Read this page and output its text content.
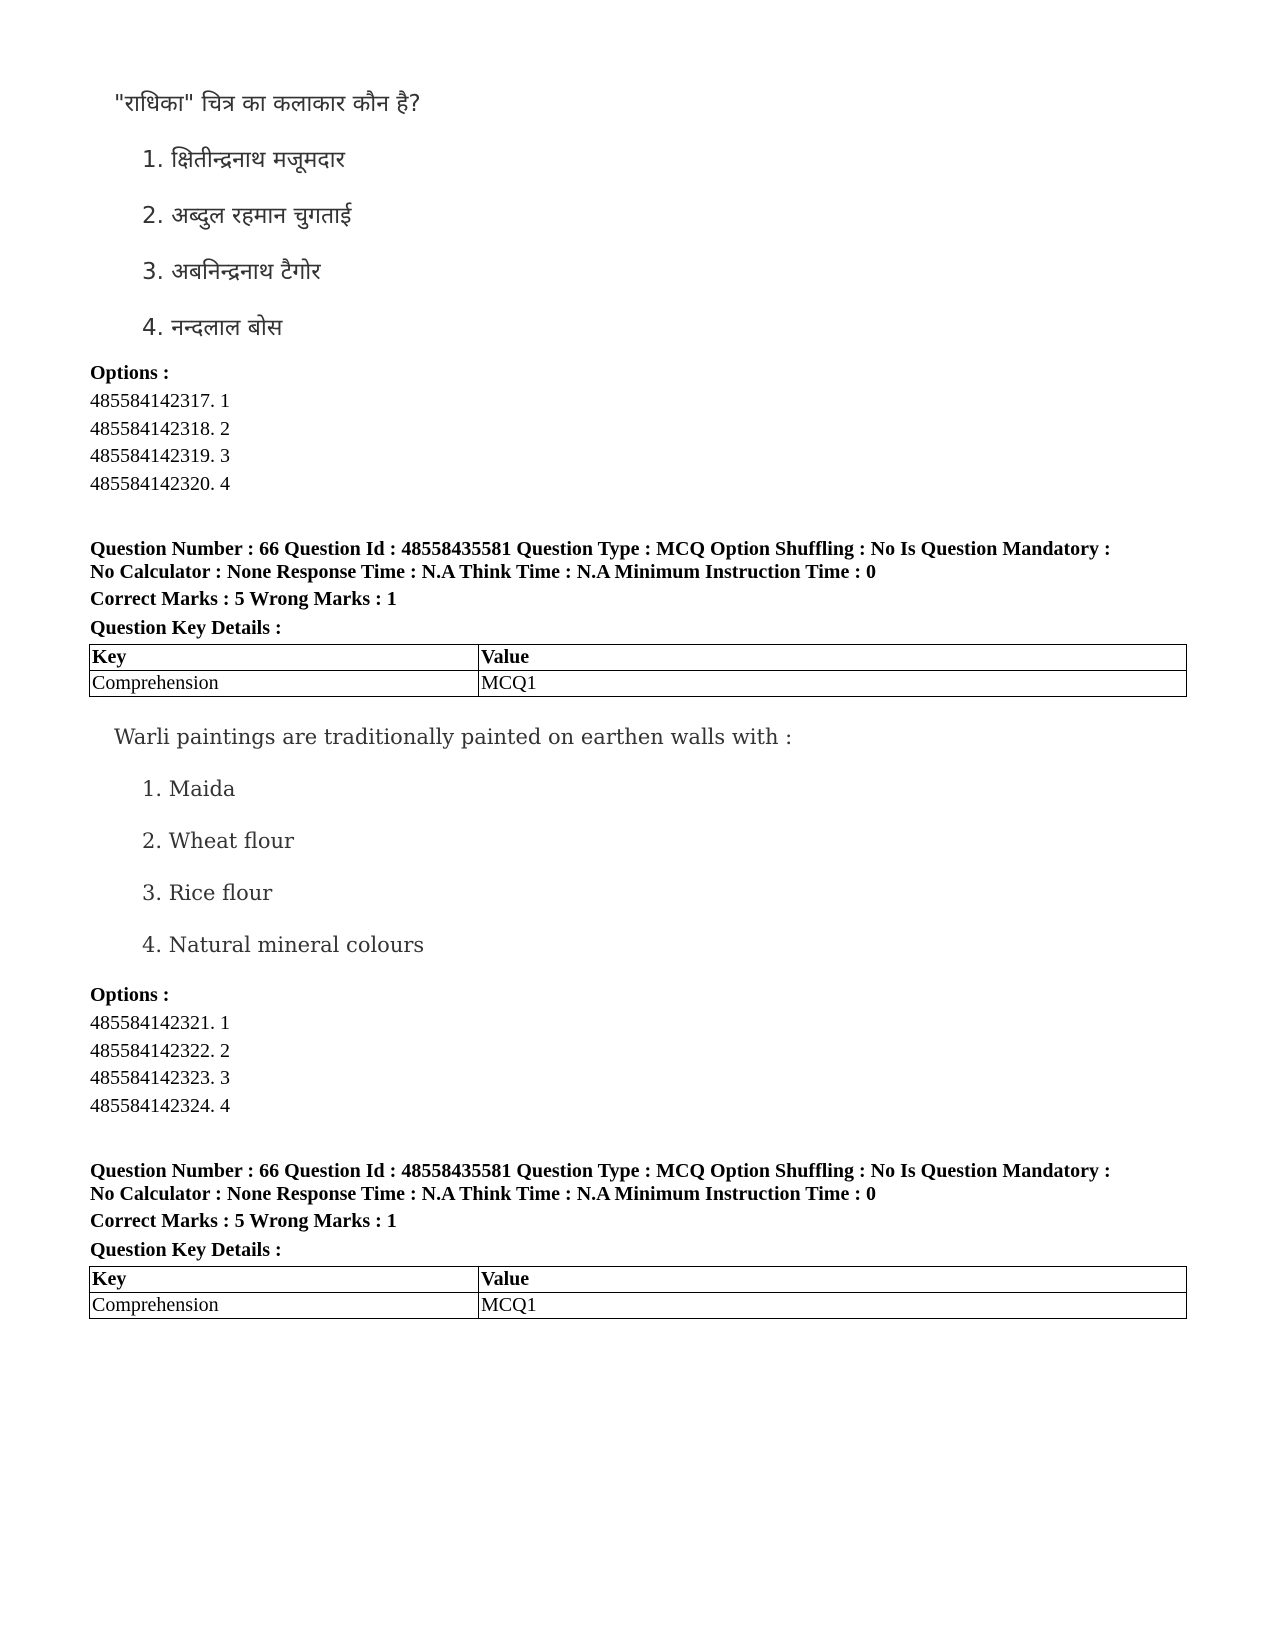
"राधिका" चित्र का कलाकार कौन है?
1. क्षितीन्द्रनाथ मजूमदार
2. अब्दुल रहमान चुगताई
3. अबनिन्द्रनाथ टैगोर
4. नन्दलाल बोस
Options :
485584142317. 1
485584142318. 2
485584142319. 3
485584142320. 4
Question Number : 66 Question Id : 48558435581 Question Type : MCQ Option Shuffling : No Is Question Mandatory :
No Calculator : None Response Time : N.A Think Time : N.A Minimum Instruction Time : 0
Correct Marks : 5 Wrong Marks : 1
Question Key Details :
Key	Value
Comprehension	MCQ1
Warli paintings are traditionally painted on earthen walls with :
1. Maida
2. Wheat flour
3. Rice flour
4. Natural mineral colours
Options :
485584142321. 1
485584142322. 2
485584142323. 3
485584142324. 4
Question Number : 66 Question Id : 48558435581 Question Type : MCQ Option Shuffling : No Is Question Mandatory :
No Calculator : None Response Time : N.A Think Time : N.A Minimum Instruction Time : 0
Correct Marks : 5 Wrong Marks : 1
Question Key Details :
Key	Value
Comprehension	MCQ1
